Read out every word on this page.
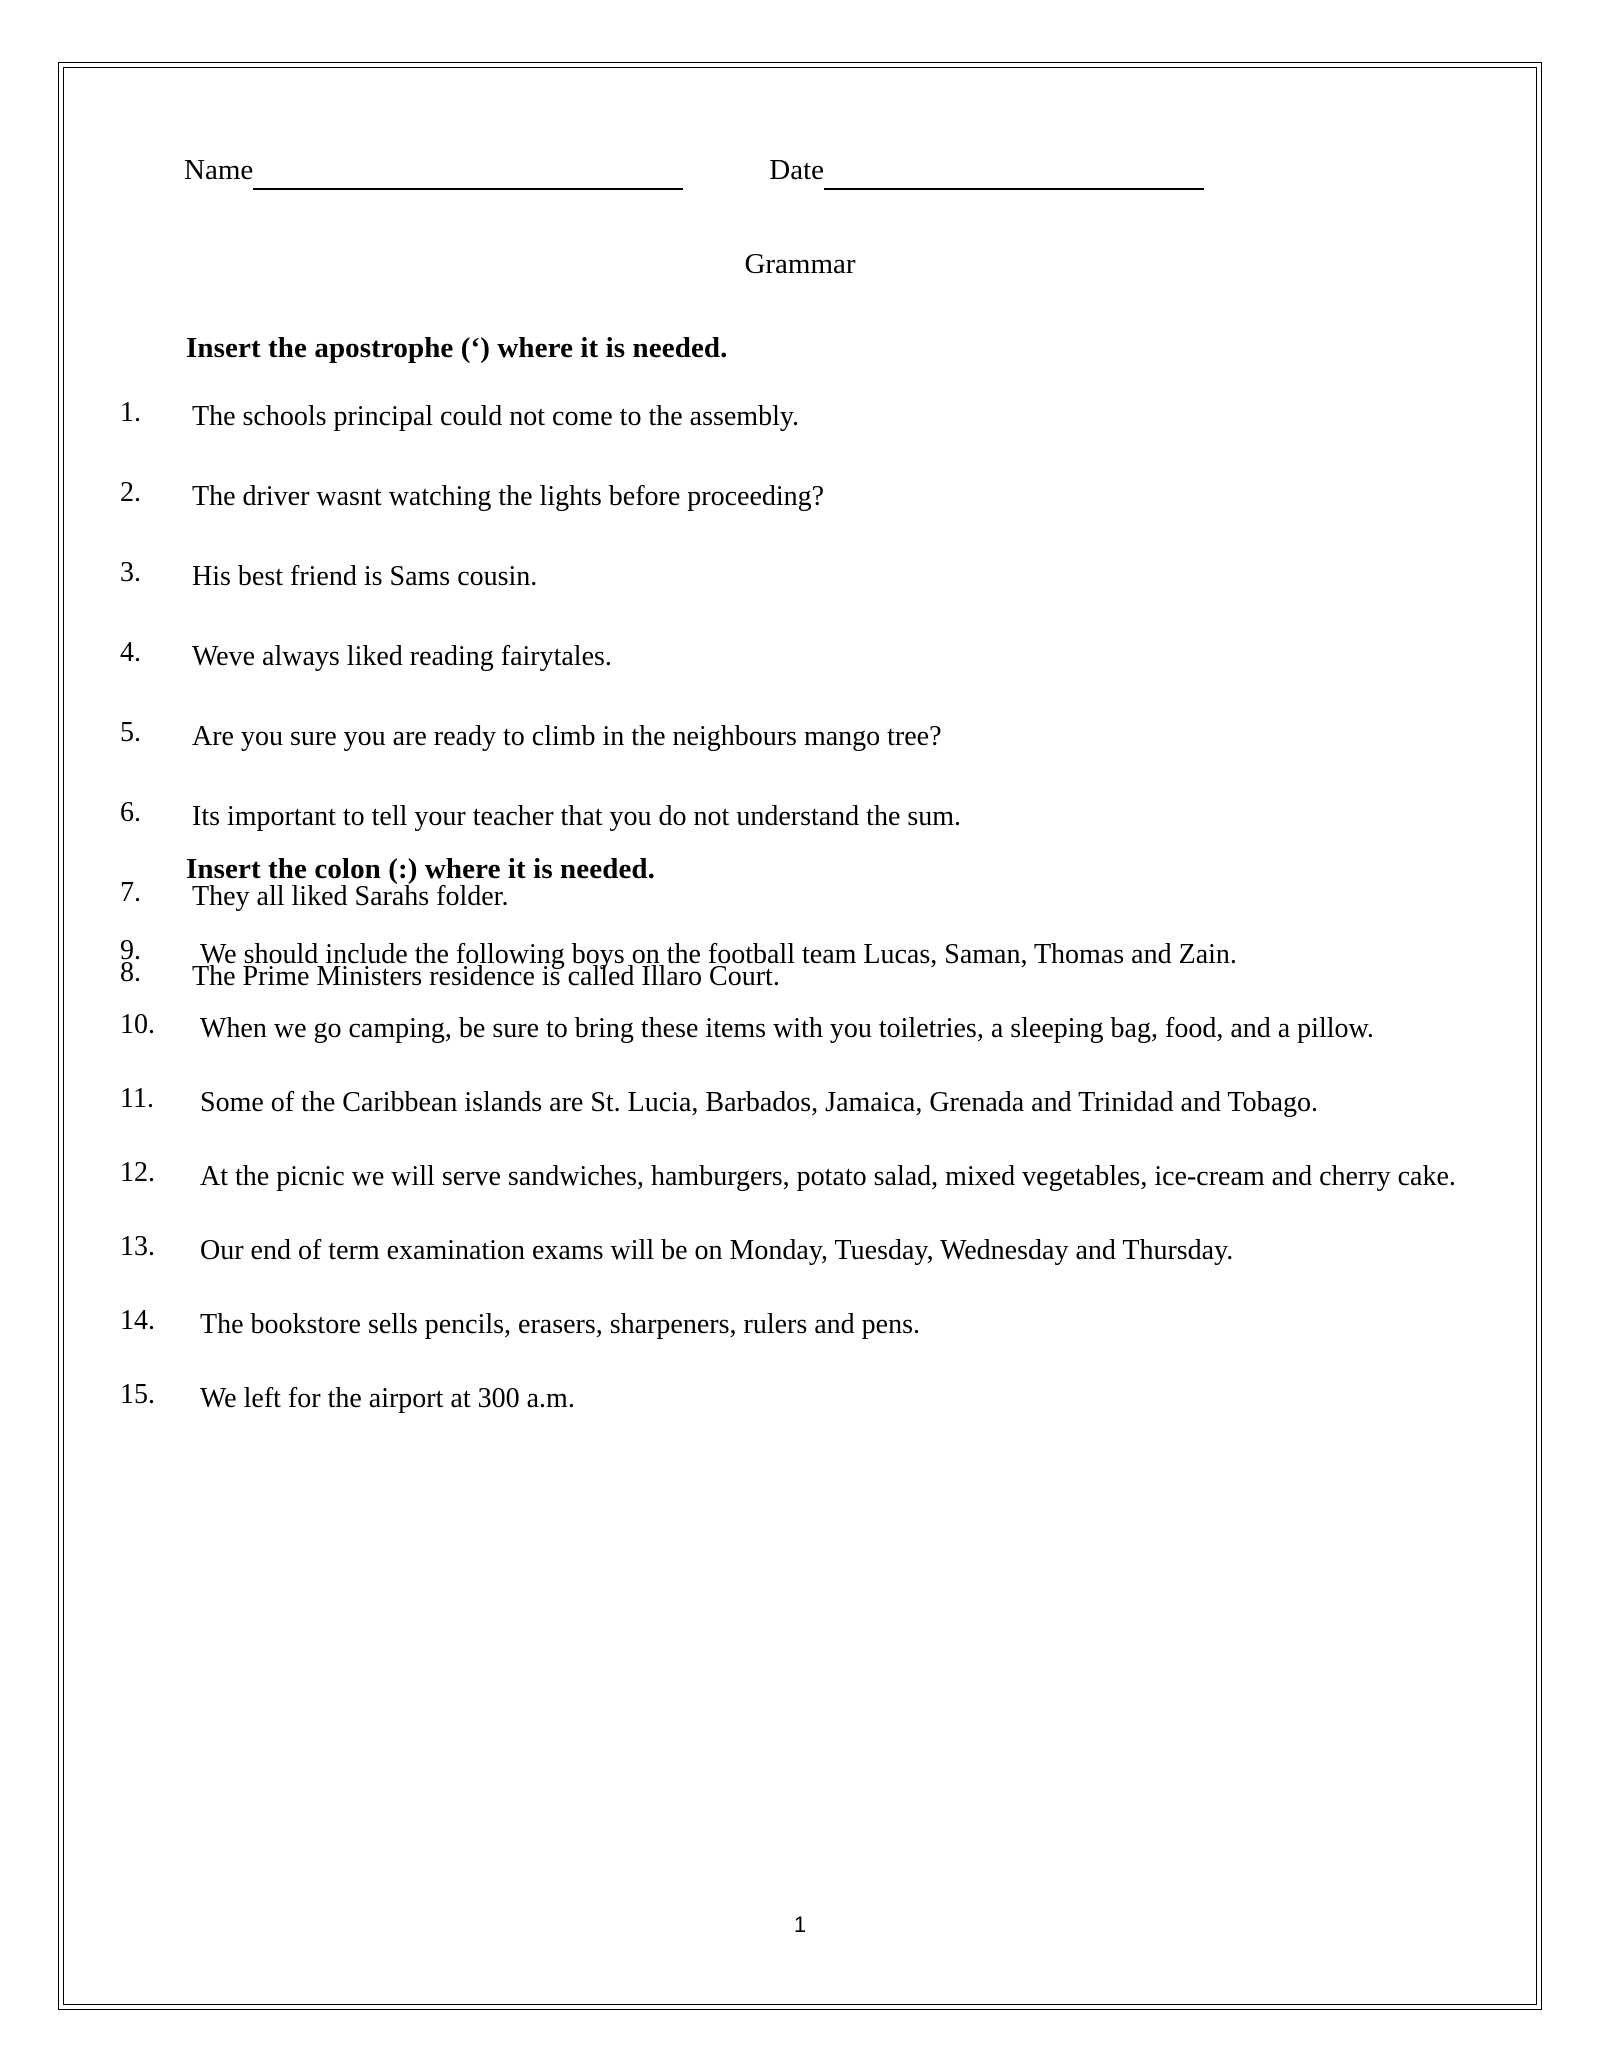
Name	Date
Grammar
Insert the apostrophe (‘) where it is needed.
1.	The schools principal could not come to the assembly.
2.	The driver wasnt watching the lights before proceeding?
3.	His best friend is Sams cousin.
4.	Weve always liked reading fairytales.
5.	Are you sure you are ready to climb in the neighbours mango tree?
6.	Its important to tell your teacher that you do not understand the sum.
7.	They all liked Sarahs folder.
8.	The Prime Ministers residence is called Illaro Court.
Insert the colon (:) where it is needed.
9.	We should include the following boys on the football team Lucas, Saman, Thomas and Zain.
10.	When we go camping, be sure to bring these items with you toiletries, a sleeping bag, food, and a pillow.
11.	Some of the Caribbean islands are St. Lucia, Barbados, Jamaica, Grenada and Trinidad and Tobago.
12.	At the picnic we will serve sandwiches, hamburgers, potato salad, mixed vegetables, ice-cream and cherry cake.
13.	Our end of term examination exams will be on Monday, Tuesday, Wednesday and Thursday.
14.	The bookstore sells pencils, erasers, sharpeners, rulers and pens.
15.	We left for the airport at 300 a.m.
1
